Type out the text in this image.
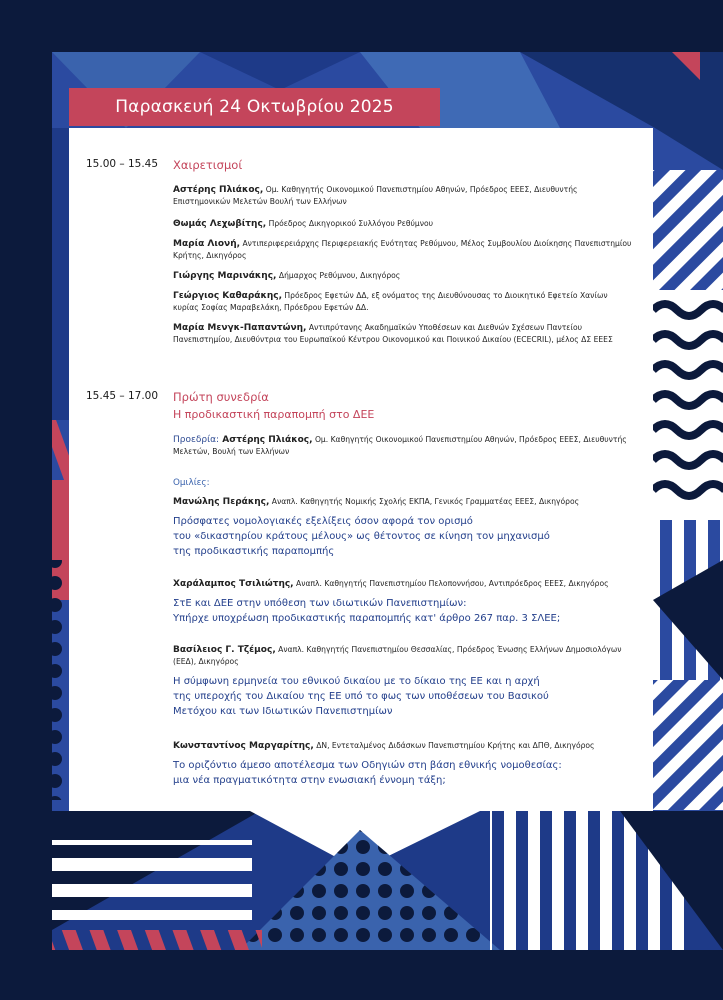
Παρασκευή 24 Οκτωβρίου 2025
15.00 – 15.45 Χαιρετισμοί
Αστέρης Πλιάκος, Ομ. Καθηγητής Οικονομικού Πανεπιστημίου Αθηνών, Πρόεδρος ΕΕΕΣ, Διευθυντής Επιστημονικών Μελετών Βουλή των Ελλήνων
Θωμάς Λεχωβίτης, Πρόεδρος Δικηγορικού Συλλόγου Ρεθύμνου
Μαρία Λιονή, Αντιπεριφερειάρχης Περιφερειακής Ενότητας Ρεθύμνου, Μέλος Συμβουλίου Διοίκησης Πανεπιστημίου Κρήτης, Δικηγόρος
Γιώργης Μαρινάκης, Δήμαρχος Ρεθύμνου, Δικηγόρος
Γεώργιος Καθαράκης, Πρόεδρος Εφετών ΔΔ, εξ ονόματος της Διευθύνουσας το Διοικητικό Εφετείο Χανίων κυρίας Σοφίας Μαραβελάκη, Πρόεδρου Εφετών ΔΔ.
Μαρία Μενγκ-Παπαντώνη, Αντιπρύτανης Ακαδημαϊκών Υποθέσεων και Διεθνών Σχέσεων Παντείου Πανεπιστημίου, Διευθύντρια του Ευρωπαϊκού Κέντρου Οικονομικού και Ποινικού Δικαίου (ECECRIL), μέλος ΔΣ ΕΕΕΣ
15.45 – 17.00 Πρώτη συνεδρία
Η προδικαστική παραπομπή στο ΔΕΕ
Προεδρία: Αστέρης Πλιάκος, Ομ. Καθηγητής Οικονομικού Πανεπιστημίου Αθηνών, Πρόεδρος ΕΕΕΣ, Διευθυντής Μελετών, Βουλή των Ελλήνων
Ομιλίες:
Μανώλης Περάκης, Αναπλ. Καθηγητής Νομικής Σχολής ΕΚΠΑ, Γενικός Γραμματέας ΕΕΕΣ, Δικηγόρος
Πρόσφατες νομολογιακές εξελίξεις όσον αφορά τον ορισμό
του «δικαστηρίου κράτους μέλους» ως θέτοντος σε κίνηση τον μηχανισμό
της προδικαστικής παραπομπής
Χαράλαμπος Τσιλιώτης, Αναπλ. Καθηγητής Πανεπιστημίου Πελοποννήσου, Αντιπρόεδρος ΕΕΕΣ, Δικηγόρος
ΣτΕ και ΔΕΕ στην υπόθεση των ιδιωτικών Πανεπιστημίων:
Υπήρχε υποχρέωση προδικαστικής παραπομπής κατ' άρθρο 267 παρ. 3 ΣΛΕΕ;
Βασίλειος Γ. Τζέμος, Αναπλ. Καθηγητής Πανεπιστημίου Θεσσαλίας, Πρόεδρος Ένωσης Ελλήνων Δημοσιολόγων (ΕΕΔ), Δικηγόρος
Η σύμφωνη ερμηνεία του εθνικού δικαίου με το δίκαιο της ΕΕ και η αρχή
της υπεροχής του Δικαίου της ΕΕ υπό το φως των υποθέσεων του Βασικού
Μετόχου και των Ιδιωτικών Πανεπιστημίων
Κωνσταντίνος Μαργαρίτης, ΔΝ, Εντεταλμένος Διδάσκων Πανεπιστημίου Κρήτης και ΔΠΘ, Δικηγόρος
Το οριζόντιο άμεσο αποτέλεσμα των Οδηγιών στη βάση εθνικής νομοθεσίας:
μια νέα πραγματικότητα στην ενωσιακή έννομη τάξη;
